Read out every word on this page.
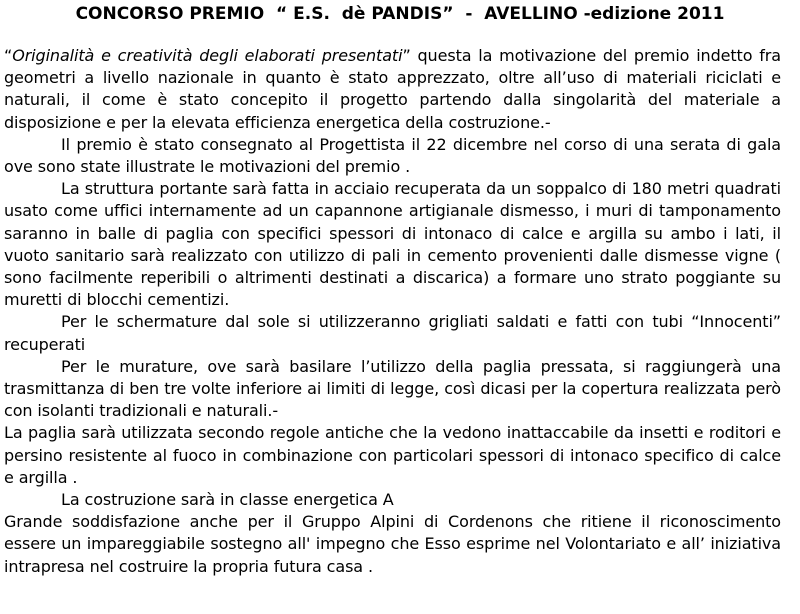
CONCORSO PREMIO  “ E.S.  dè PANDIS”  -  AVELLINO -edizione 2011

“Originalità e creatività degli elaborati presentati” questa la motivazione del premio indetto fra geometri a livello nazionale in quanto è stato apprezzato, oltre all’uso di materiali riciclati e naturali, il come è stato concepito il progetto partendo dalla singolarità del materiale a disposizione e per la elevata efficienza energetica della costruzione.-

Il premio è stato consegnato al Progettista il 22 dicembre nel corso di una serata di gala ove sono state illustrate le motivazioni del premio .

La struttura portante sarà fatta in acciaio recuperata da un soppalco di 180 metri quadrati usato come uffici internamente ad un capannone artigianale dismesso, i muri di tamponamento saranno in balle di paglia con specifici spessori di intonaco di calce e argilla su ambo i lati, il vuoto sanitario sarà realizzato con utilizzo di pali in cemento provenienti dalle dismesse vigne ( sono facilmente reperibili o altrimenti destinati a discarica) a formare uno strato poggiante su muretti di blocchi cementizi.

Per le schermature dal sole si utilizzeranno grigliati saldati e fatti con tubi “Innocenti” recuperati

Per le murature, ove sarà basilare l’utilizzo della paglia pressata, si raggiungerà una trasmittanza di ben tre volte inferiore ai limiti di legge, così dicasi per la copertura realizzata però con isolanti tradizionali e naturali.-

La paglia sarà utilizzata secondo regole antiche che la vedono inattaccabile da insetti e roditori e persino resistente al fuoco in combinazione con particolari spessori di intonaco specifico di calce e argilla .

La costruzione sarà in classe energetica A

Grande soddisfazione anche per il Gruppo Alpini di Cordenons che ritiene il riconoscimento essere un impareggiabile sostegno all' impegno che Esso esprime nel Volontariato e all’ iniziativa intrapresa nel costruire la propria futura casa .
